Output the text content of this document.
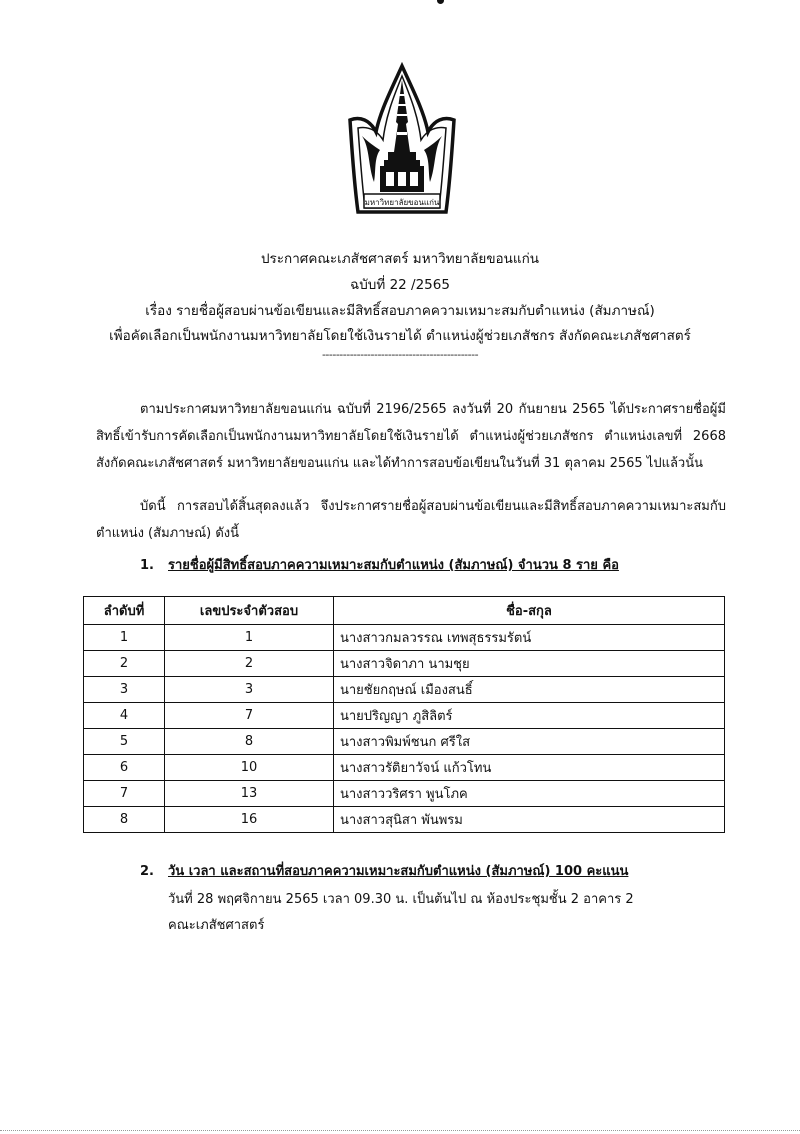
มหาวิทยาลัยขอนแก่น
ประกาศคณะเภสัชศาสตร์ มหาวิทยาลัยขอนแก่น
ฉบับที่ 22 /2565
เรื่อง รายชื่อผู้สอบผ่านข้อเขียนและมีสิทธิ์สอบภาคความเหมาะสมกับตำแหน่ง (สัมภาษณ์)
เพื่อคัดเลือกเป็นพนักงานมหาวิทยาลัยโดยใช้เงินรายได้ ตำแหน่งผู้ช่วยเภสัชกร สังกัดคณะเภสัชศาสตร์
---------------------------------------------
ตามประกาศมหาวิทยาลัยขอนแก่น ฉบับที่ 2196/2565 ลงวันที่ 20 กันยายน 2565 ได้ประกาศรายชื่อผู้มีสิทธิ์เข้ารับการคัดเลือกเป็นพนักงานมหาวิทยาลัยโดยใช้เงินรายได้ ตำแหน่งผู้ช่วยเภสัชกร ตำแหน่งเลขที่ 2668 สังกัดคณะเภสัชศาสตร์ มหาวิทยาลัยขอนแก่น และได้ทำการสอบข้อเขียนในวันที่ 31 ตุลาคม 2565 ไปแล้วนั้น
บัดนี้ การสอบได้สิ้นสุดลงแล้ว จึงประกาศรายชื่อผู้สอบผ่านข้อเขียนและมีสิทธิ์สอบภาคความเหมาะสมกับตำแหน่ง (สัมภาษณ์) ดังนี้
1. รายชื่อผู้มีสิทธิ์สอบภาคความเหมาะสมกับตำแหน่ง (สัมภาษณ์) จำนวน 8 ราย คือ
ลำดับที่	เลขประจำตัวสอบ	ชื่อ-สกุล
1	1	นางสาวกมลวรรณ เทพสุธรรมรัตน์
2	2	นางสาวจิดาภา นามชุย
3	3	นายชัยกฤษณ์ เมืองสนธิ์
4	7	นายปริญญา ภูสิลิตร์
5	8	นางสาวพิมพ์ชนก ศรีใส
6	10	นางสาวรัติยาวัจน์ แก้วโทน
7	13	นางสาววริศรา พูนโภค
8	16	นางสาวสุนิสา พันพรม
2. วัน เวลา และสถานที่สอบภาคความเหมาะสมกับตำแหน่ง (สัมภาษณ์) 100 คะแนน
วันที่ 28 พฤศจิกายน 2565 เวลา 09.30 น. เป็นต้นไป ณ ห้องประชุมชั้น 2 อาคาร 2
คณะเภสัชศาสตร์
